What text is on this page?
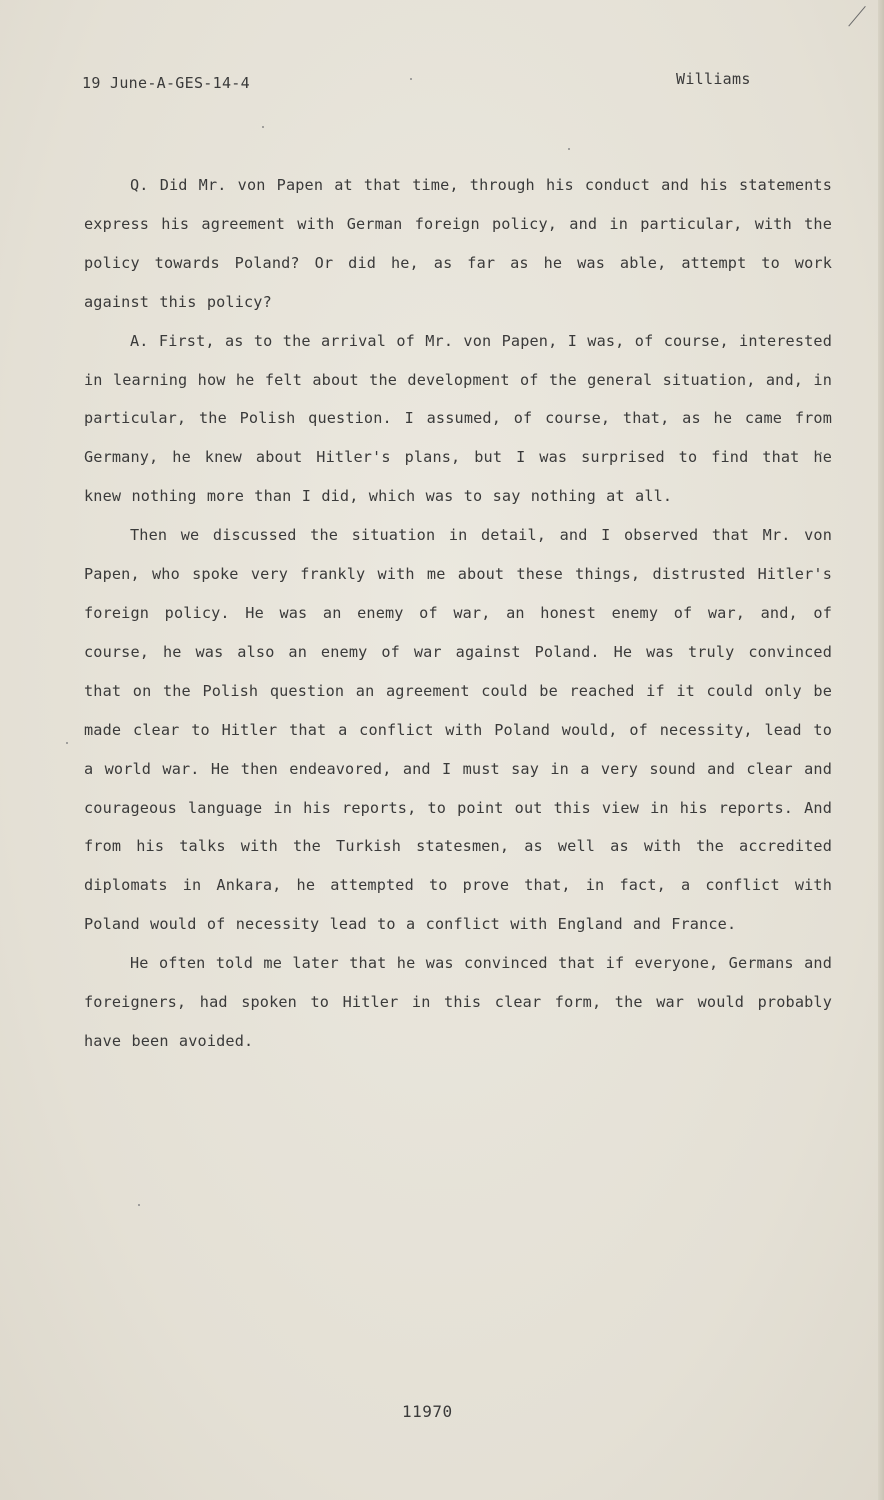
19 June-A-GES-14-4	Williams

Q. Did Mr. von Papen at that time, through his conduct and his statements express his agreement with German foreign policy, and in particular, with the policy towards Poland? Or did he, as far as he was able, attempt to work against this policy?

A. First, as to the arrival of Mr. von Papen, I was, of course, interested in learning how he felt about the development of the general situation, and, in particular, the Polish question. I assumed, of course, that, as he came from Germany, he knew about Hitler's plans, but I was surprised to find that he knew nothing more than I did, which was to say nothing at all.

Then we discussed the situation in detail, and I observed that Mr. von Papen, who spoke very frankly with me about these things, distrusted Hitler's foreign policy. He was an enemy of war, an honest enemy of war, and, of course, he was also an enemy of war against Poland. He was truly convinced that on the Polish question an agreement could be reached if it could only be made clear to Hitler that a conflict with Poland would, of necessity, lead to a world war. He then endeavored, and I must say in a very sound and clear and courageous language in his reports, to point out this view in his reports. And from his talks with the Turkish statesmen, as well as with the accredited diplomats in Ankara, he attempted to prove that, in fact, a conflict with Poland would of necessity lead to a conflict with England and France.

He often told me later that he was convinced that if everyone, Germans and foreigners, had spoken to Hitler in this clear form, the war would probably have been avoided.

11970
